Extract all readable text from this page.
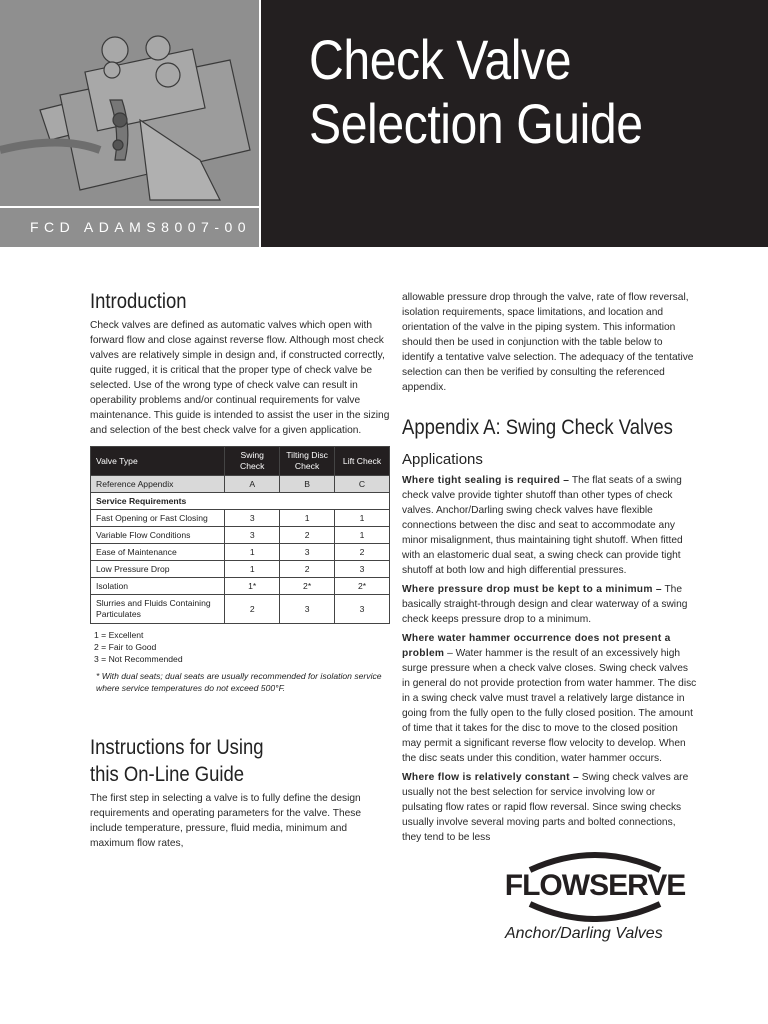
Check Valve
Selection Guide
FCD ADAMS8007-00
Introduction

Check valves are defined as automatic valves which open with forward flow and close against reverse flow. Although most check valves are relatively simple in design and, if constructed correctly, quite rugged, it is critical that the proper type of check valve be selected. Use of the wrong type of check valve can result in operability problems and/or continual requirements for valve maintenance. This guide is intended to assist the user in the sizing and selection of the best check valve for a given application.

Valve Type	Swing Check	Tilting Disc Check	Lift Check
Reference Appendix	A	B	C
Service Requirements			
Fast Opening or Fast Closing	3	1	1
Variable Flow Conditions	3	2	1
Ease of Maintenance	1	3	2
Low Pressure Drop	1	2	3
Isolation	1*	2*	2*
Slurries and Fluids Containing Particulates	2	3	3
1 = Excellent
2 = Fair to Good
3 = Not Recommended
* With dual seats; dual seats are usually recommended for isolation service where service temperatures do not exceed 500°F.
Instructions for Using
this On-Line Guide

The first step in selecting a valve is to fully define the design requirements and operating parameters for the valve. These include temperature, pressure, fluid media, minimum and maximum flow rates,

allowable pressure drop through the valve, rate of flow reversal, isolation requirements, space limitations, and location and orientation of the valve in the piping system. This information should then be used in conjunction with the table below to identify a tentative valve selection. The adequacy of the tentative selection can then be verified by consulting the referenced appendix.

Appendix A: Swing Check Valves
Applications

Where tight sealing is required – The flat seats of a swing check valve provide tighter shutoff than other types of check valves. Anchor/Darling swing check valves have flexible connections between the disc and seat to accommodate any minor misalignment, thus maintaining tight shutoff. When fitted with an elastomeric dual seat, a swing check can provide tight shutoff at both low and high differential pressures.

Where pressure drop must be kept to a minimum – The basically straight-through design and clear waterway of a swing check keeps pressure drop to a minimum.

Where water hammer occurrence does not present a problem – Water hammer is the result of an excessively high surge pressure when a check valve closes. Swing check valves in general do not provide protection from water hammer. The disc in a swing check valve must travel a relatively large distance in going from the fully open to the fully closed position. The amount of time that it takes for the disc to move to the closed position may permit a significant reverse flow velocity to develop. When the disc seats under this condition, water hammer occurs.

Where flow is relatively constant – Swing check valves are usually not the best selection for service involving low or pulsating flow rates or rapid flow reversal. Since swing checks usually involve several moving parts and bolted connections, they tend to be less

FLOWSERVE
Anchor/Darling Valves
